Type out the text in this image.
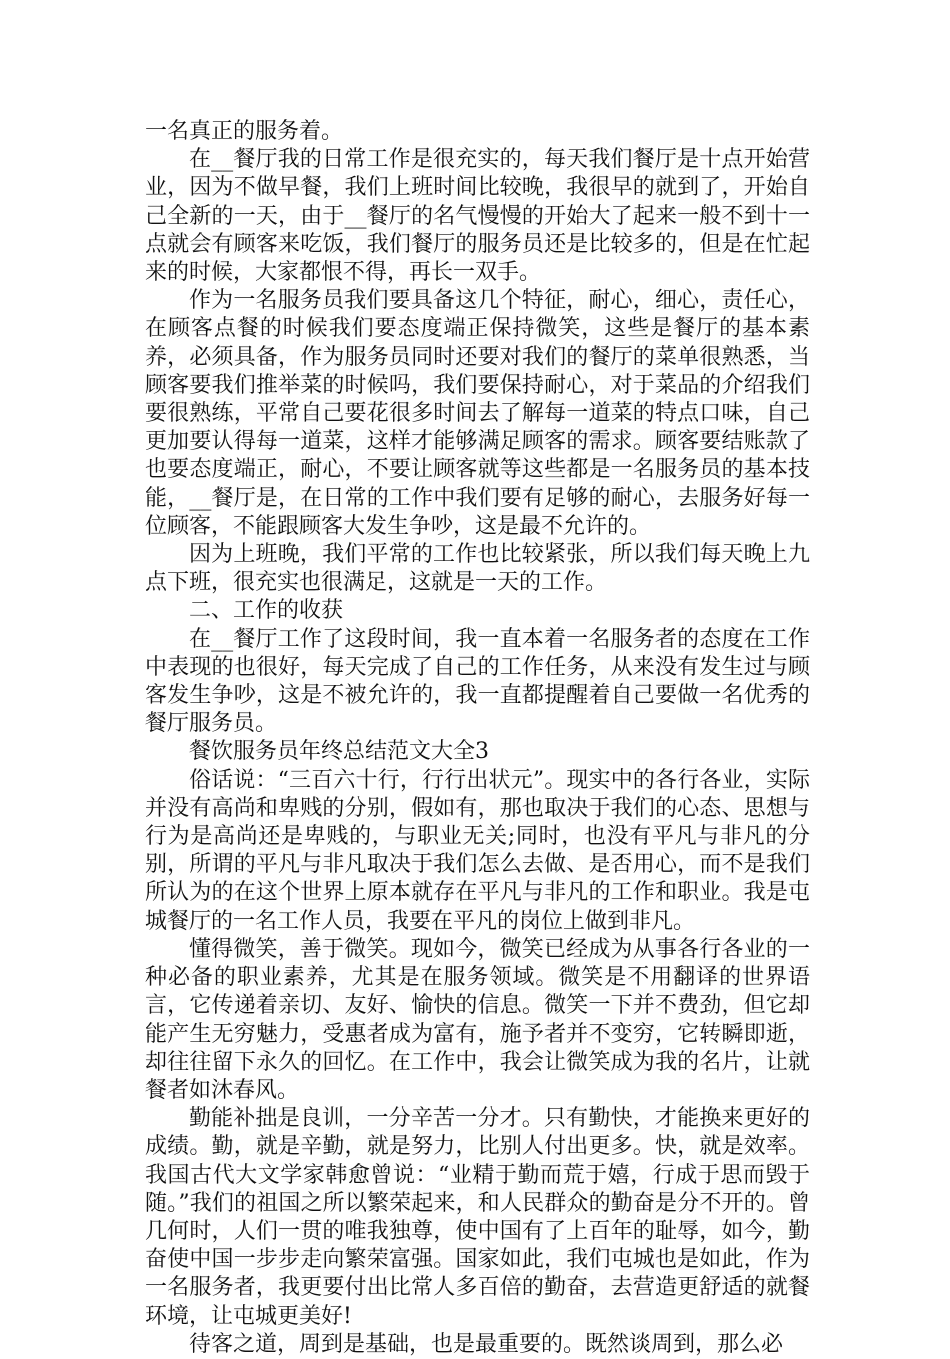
一名真正的服务着。

在__餐厅我的日常工作是很充实的，每天我们餐厅是十点开始营业，因为不做早餐，我们上班时间比较晚，我很早的就到了，开始自己全新的一天，由于__餐厅的名气慢慢的开始大了起来一般不到十一点就会有顾客来吃饭，我们餐厅的服务员还是比较多的，但是在忙起来的时候，大家都恨不得，再长一双手。

作为一名服务员我们要具备这几个特征，耐心，细心，责任心，在顾客点餐的时候我们要态度端正保持微笑，这些是餐厅的基本素养，必须具备，作为服务员同时还要对我们的餐厅的菜单很熟悉，当顾客要我们推举菜的时候吗，我们要保持耐心，对于菜品的介绍我们要很熟练，平常自己要花很多时间去了解每一道菜的特点口味，自己更加要认得每一道菜，这样才能够满足顾客的需求。顾客要结账款了也要态度端正，耐心，不要让顾客就等这些都是一名服务员的基本技能，__餐厅是，在日常的工作中我们要有足够的耐心，去服务好每一位顾客，不能跟顾客大发生争吵，这是最不允许的。

因为上班晚，我们平常的工作也比较紧张，所以我们每天晚上九点下班，很充实也很满足，这就是一天的工作。

二、工作的收获

在__餐厅工作了这段时间，我一直本着一名服务者的态度在工作中表现的也很好，每天完成了自己的工作任务，从来没有发生过与顾客发生争吵，这是不被允许的，我一直都提醒着自己要做一名优秀的餐厅服务员。

餐饮服务员年终总结范文大全3

俗话说：“三百六十行，行行出状元”。现实中的各行各业，实际并没有高尚和卑贱的分别，假如有，那也取决于我们的心态、思想与行为是高尚还是卑贱的，与职业无关;同时，也没有平凡与非凡的分别，所谓的平凡与非凡取决于我们怎么去做、是否用心，而不是我们所认为的在这个世界上原本就存在平凡与非凡的工作和职业。我是屯城餐厅的一名工作人员，我要在平凡的岗位上做到非凡。

懂得微笑，善于微笑。现如今，微笑已经成为从事各行各业的一种必备的职业素养，尤其是在服务领域。微笑是不用翻译的世界语言，它传递着亲切、友好、愉快的信息。微笑一下并不费劲，但它却能产生无穷魅力，受惠者成为富有，施予者并不变穷，它转瞬即逝，却往往留下永久的回忆。在工作中，我会让微笑成为我的名片，让就餐者如沐春风。

勤能补拙是良训，一分辛苦一分才。只有勤快，才能换来更好的成绩。勤，就是辛勤，就是努力，比别人付出更多。快，就是效率。我国古代大文学家韩愈曾说：“业精于勤而荒于嬉，行成于思而毁于随。”我们的祖国之所以繁荣起来，和人民群众的勤奋是分不开的。曾几何时，人们一贯的唯我独尊，使中国有了上百年的耻辱，如今，勤奋使中国一步步走向繁荣富强。国家如此，我们屯城也是如此，作为一名服务者，我更要付出比常人多百倍的勤奋，去营造更舒适的就餐环境，让屯城更美好!

待客之道，周到是基础，也是最重要的。既然谈周到，那么必
